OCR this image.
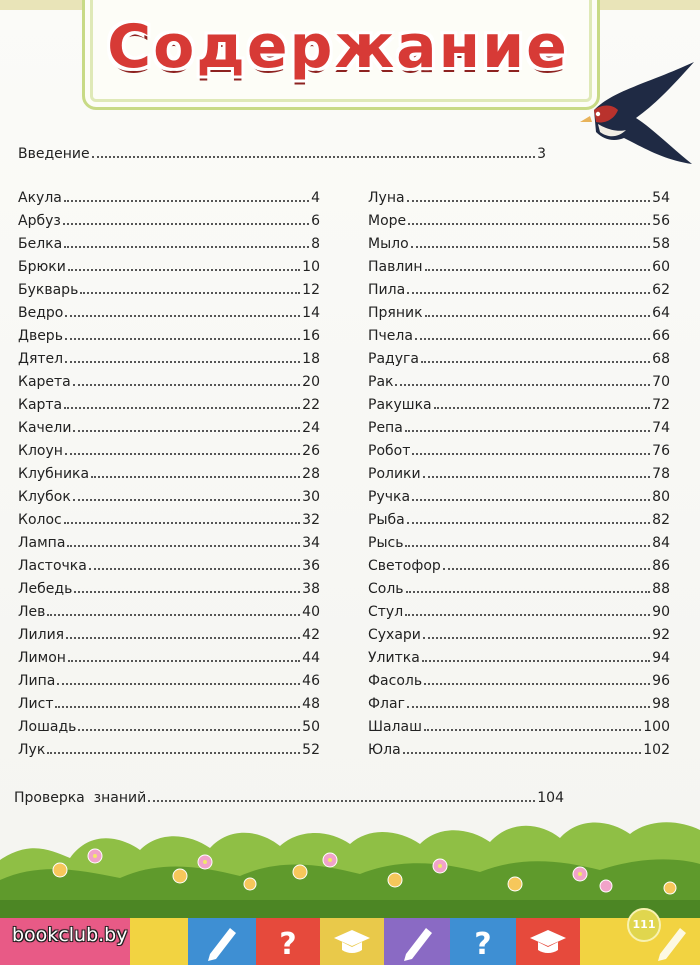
Содержание
Введение	3
Акула	4
Арбуз	6
Белка	8
Брюки	10
Букварь	12
Ведро	14
Дверь	16
Дятел	18
Карета	20
Карта	22
Качели	24
Клоун	26
Клубника	28
Клубок	30
Колос	32
Лампа	34
Ласточка	36
Лебедь	38
Лев	40
Лилия	42
Лимон	44
Липа	46
Лист	48
Лошадь	50
Лук	52
Луна	54
Море	56
Мыло	58
Павлин	60
Пила	62
Пряник	64
Пчела	66
Радуга	68
Рак	70
Ракушка	72
Репа	74
Робот	76
Ролики	78
Ручка	80
Рыба	82
Рысь	84
Светофор	86
Соль	88
Стул	90
Сухари	92
Улитка	94
Фасоль	96
Флаг	98
Шалаш	100
Юла	102
Проверка  знаний	104
?	?
bookclub.by	111
